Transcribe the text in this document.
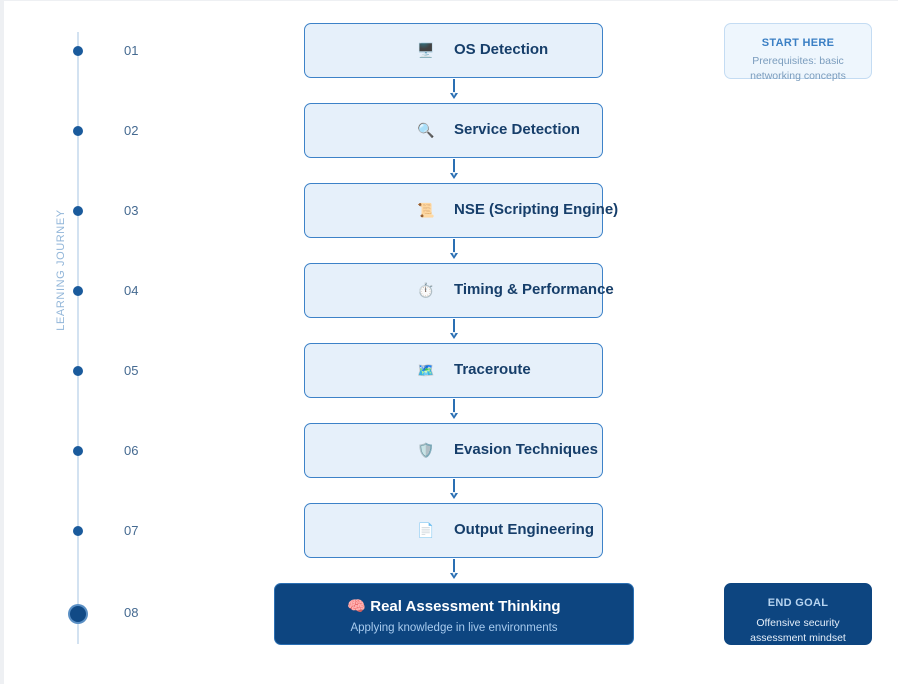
LEARNING JOURNEY
01
02
03
04
05
06
07
08
🖥️ OS Detection
🔍 Service Detection
📜 NSE (Scripting Engine)
⏱️ Timing & Performance
🗺️ Traceroute
🛡️ Evasion Techniques
📄 Output Engineering
🧠 Real Assessment Thinking
Applying knowledge in live environments
START HERE
Prerequisites: basic networking concepts
END GOAL
Offensive security assessment mindset
